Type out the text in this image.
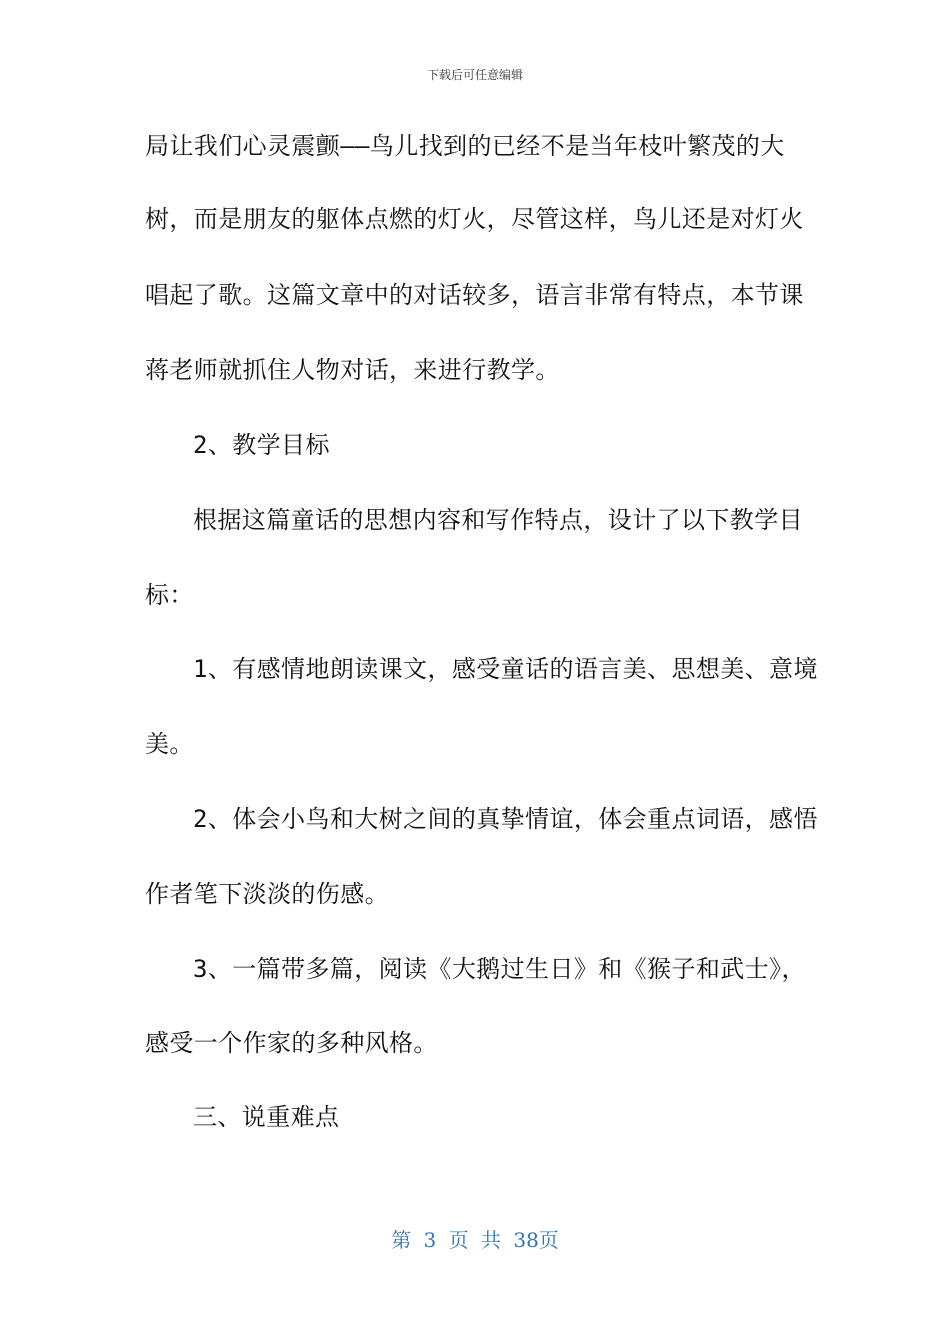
下载后可任意编辑
局让我们心灵震颤——鸟儿找到的已经不是当年枝叶繁茂的大
树，而是朋友的躯体点燃的灯火，尽管这样，鸟儿还是对灯火
唱起了歌。这篇文章中的对话较多，语言非常有特点，本节课
蒋老师就抓住人物对话，来进行教学。
2、教学目标
根据这篇童话的思想内容和写作特点，设计了以下教学目
标：
1、有感情地朗读课文，感受童话的语言美、思想美、意境
美。
2、体会小鸟和大树之间的真挚情谊，体会重点词语，感悟
作者笔下淡淡的伤感。
3、一篇带多篇，阅读《大鹅过生日》和《猴子和武士》，
感受一个作家的多种风格。
三、说重难点
第 3 页 共 38页
